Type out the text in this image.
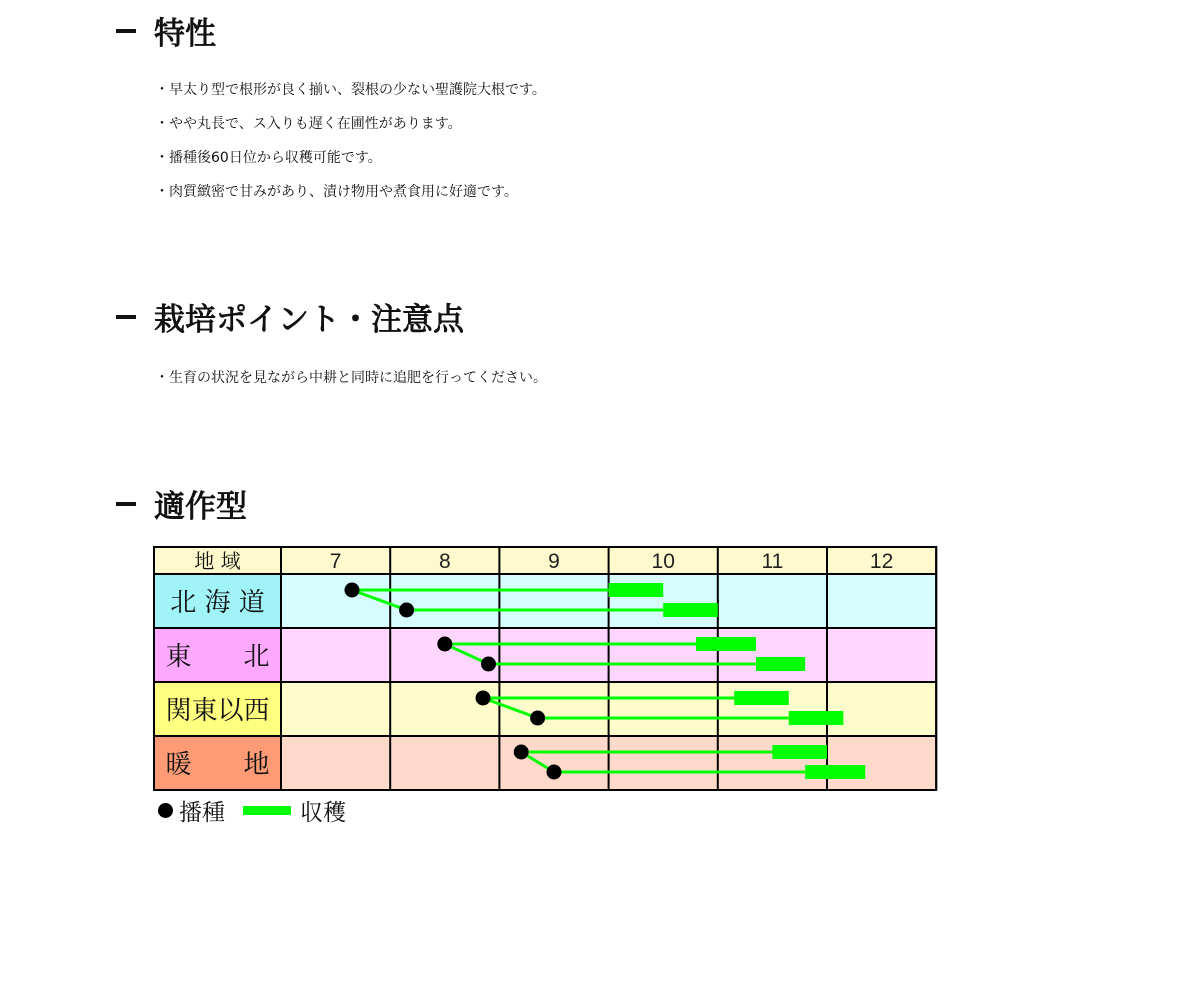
特性
・早太り型で根形が良く揃い、裂根の少ない聖護院大根です。
・やや丸長で、ス入りも遅く在圃性があります。
・播種後60日位から収穫可能です。
・肉質緻密で甘みがあり、漬け物用や煮食用に好適です。
栽培ポイント・注意点
・生育の状況を見ながら中耕と同時に追肥を行ってください。
適作型
地 域	7	8	9	10	11	12
北 海 道
東　　北
関東以西
暖　　地
播種	収穫
